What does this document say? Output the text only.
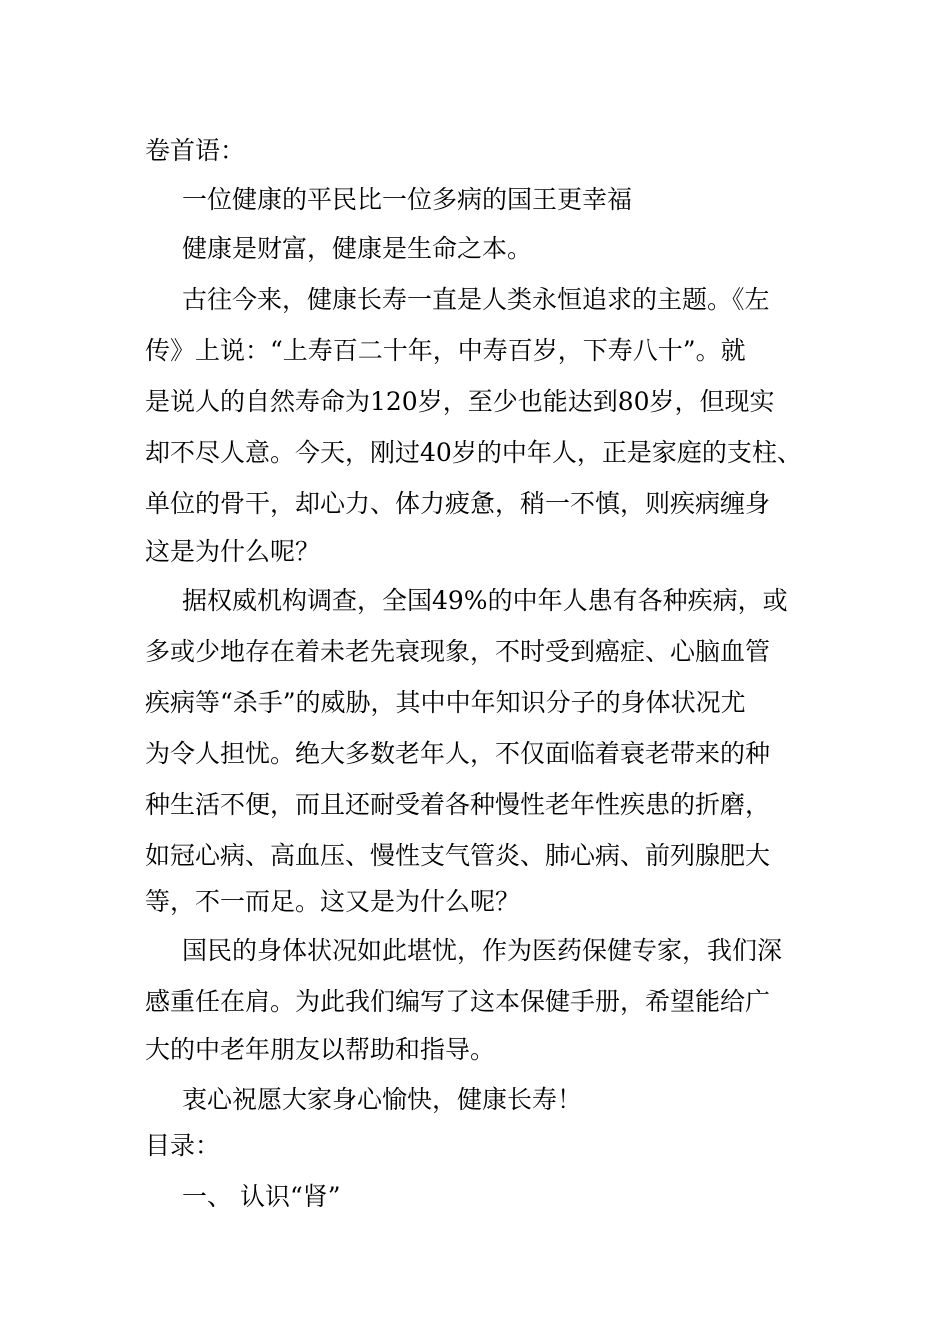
卷首语：
一位健康的平民比一位多病的国王更幸福
健康是财富，健康是生命之本。
古往今来，健康长寿一直是人类永恒追求的主题。《左
传》上说：“上寿百二十年，中寿百岁，下寿八十”。就
是说人的自然寿命为120岁，至少也能达到80岁，但现实
却不尽人意。今天，刚过40岁的中年人，正是家庭的支柱、
单位的骨干，却心力、体力疲惫，稍一不慎，则疾病缠身
这是为什么呢？
据权威机构调查，全国49%的中年人患有各种疾病，或
多或少地存在着未老先衰现象，不时受到癌症、心脑血管
疾病等“杀手”的威胁，其中中年知识分子的身体状况尤
为令人担忧。绝大多数老年人，不仅面临着衰老带来的种
种生活不便，而且还耐受着各种慢性老年性疾患的折磨，
如冠心病、高血压、慢性支气管炎、肺心病、前列腺肥大
等，不一而足。这又是为什么呢？
国民的身体状况如此堪忧，作为医药保健专家，我们深
感重任在肩。为此我们编写了这本保健手册，希望能给广
大的中老年朋友以帮助和指导。
衷心祝愿大家身心愉快，健康长寿！
目录：
一、 认识“肾”
